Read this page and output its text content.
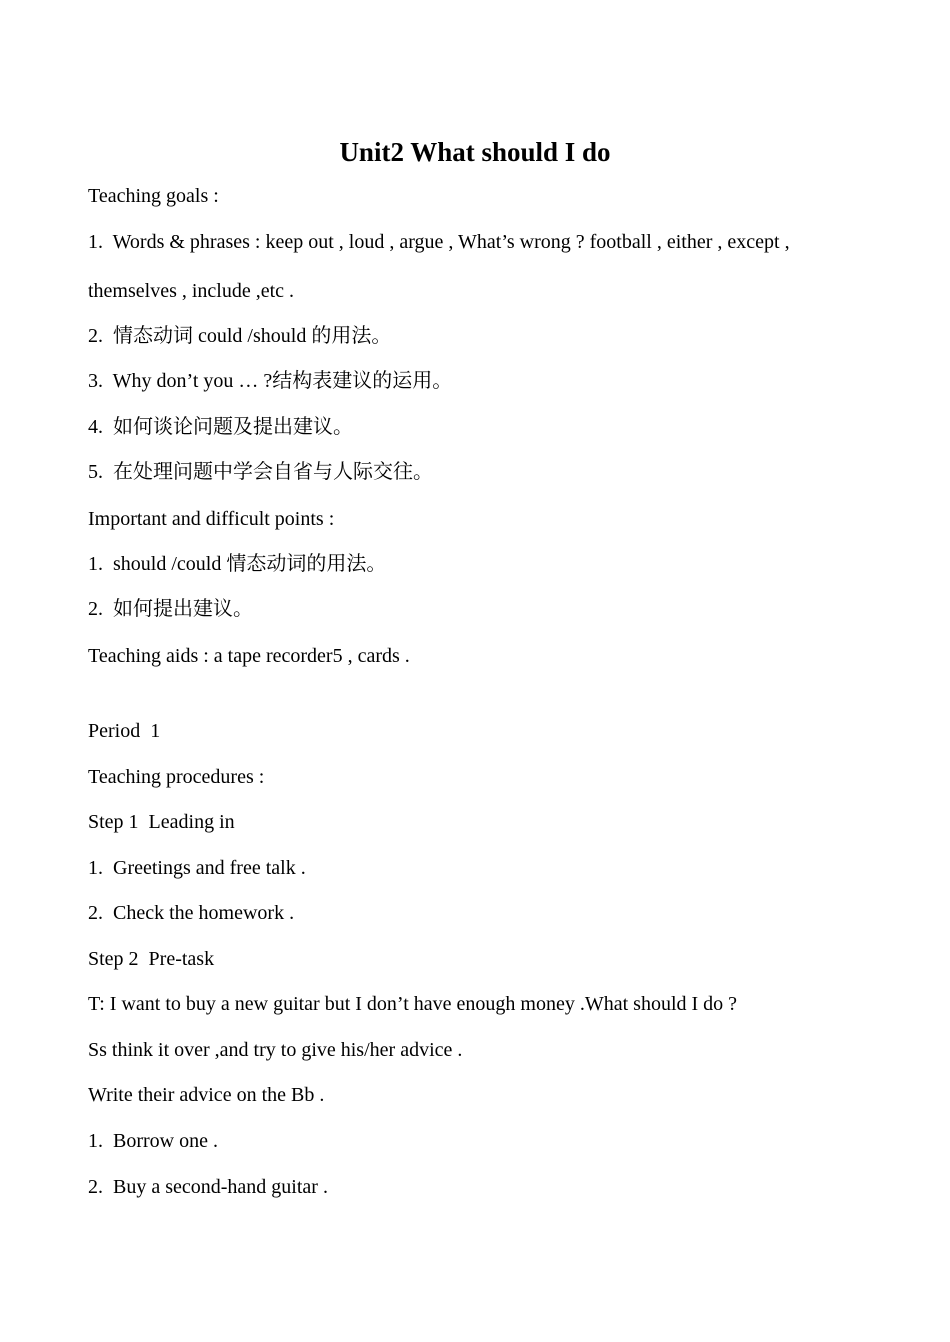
Unit2 What should I do
Teaching goals :
1.  Words & phrases : keep out , loud , argue , What’s wrong ? football , either , except ,
themselves , include ,etc .
2.  情态动词 could /should 的用法。
3.  Why don’t you … ?结构表建议的运用。
4.  如何谈论问题及提出建议。
5.  在处理问题中学会自省与人际交往。
Important and difficult points :
1.  should /could 情态动词的用法。
2.  如何提出建议。
Teaching aids : a tape recorder5 , cards .
Period  1
Teaching procedures :
Step 1  Leading in
1.  Greetings and free talk .
2.  Check the homework .
Step 2  Pre-task
T: I want to buy a new guitar but I don’t have enough money .What should I do ?
Ss think it over ,and try to give his/her advice .
Write their advice on the Bb .
1.  Borrow one .
2.  Buy a second-hand guitar .
